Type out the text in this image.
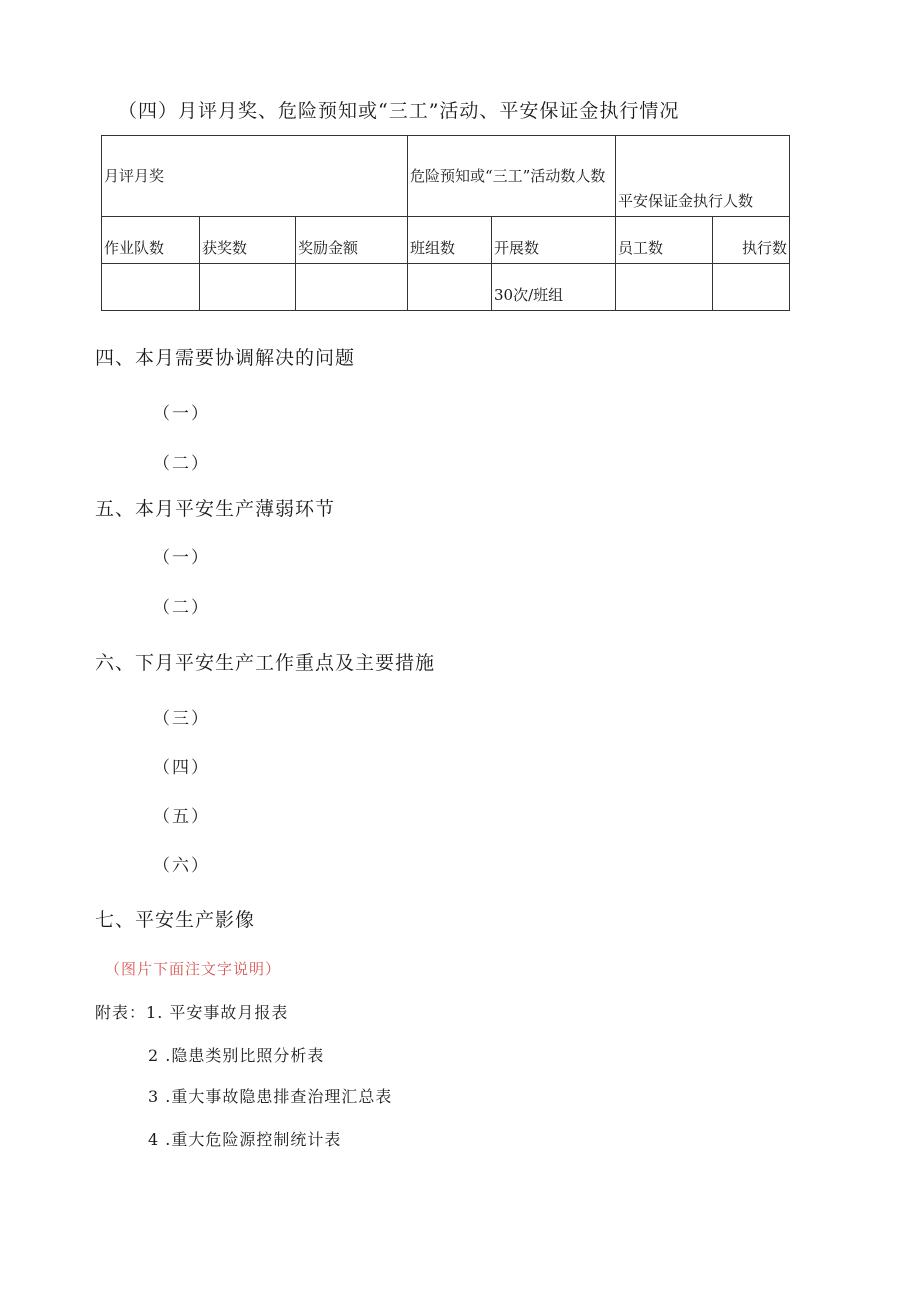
（四）月评月奖、危险预知或“三工”活动、平安保证金执行情况
月评月奖			危险预知或“三工”活动数人数		平安保证金执行人数	

作业队数	获奖数	奖励金额	班组数	开展数	员工数	执行数
				30次/班组		
四、本月需要协调解决的问题
（一）
（二）
五、本月平安生产薄弱环节
（一）
（二）
六、下月平安生产工作重点及主要措施
（三）
（四）
（五）
（六）
七、平安生产影像
（图片下面注文字说明）
附表：1. 平安事故月报表
2 .隐患类别比照分析表
3 .重大事故隐患排查治理汇总表
4 .重大危险源控制统计表
